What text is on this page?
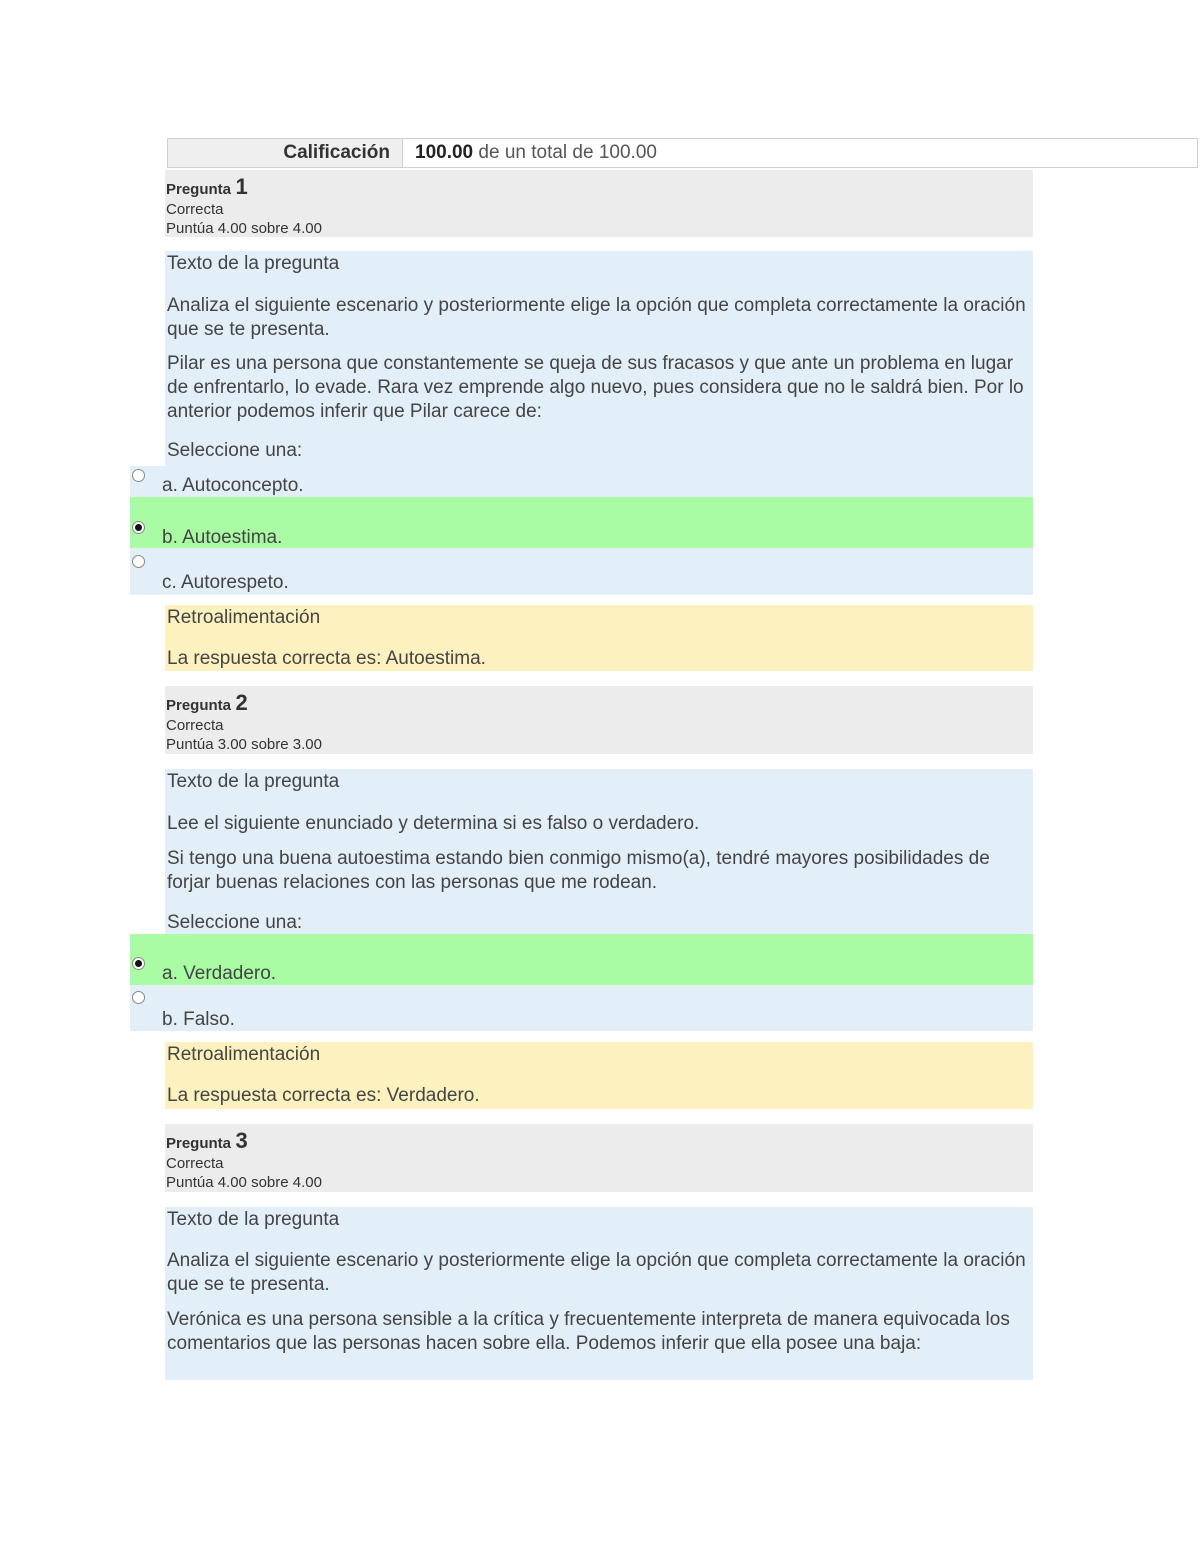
Calificación	100.00 de un total de 100.00
Pregunta 1
Correcta
Puntúa 4.00 sobre 4.00

Texto de la pregunta

Analiza el siguiente escenario y posteriormente elige la opción que completa correctamente la oración que se te presenta.

Pilar es una persona que constantemente se queja de sus fracasos y que ante un problema en lugar de enfrentarlo, lo evade. Rara vez emprende algo nuevo, pues considera que no le saldrá bien. Por lo anterior podemos inferir que Pilar carece de:

Seleccione una:

a. Autoconcepto.
b. Autoestima.
c. Autorespeto.

Retroalimentación

La respuesta correcta es: Autoestima.

Pregunta 2
Correcta
Puntúa 3.00 sobre 3.00

Texto de la pregunta

Lee el siguiente enunciado y determina si es falso o verdadero.

Si tengo una buena autoestima estando bien conmigo mismo(a), tendré mayores posibilidades de forjar buenas relaciones con las personas que me rodean.

Seleccione una:

a. Verdadero.
b. Falso.

Retroalimentación

La respuesta correcta es: Verdadero.

Pregunta 3
Correcta
Puntúa 4.00 sobre 4.00

Texto de la pregunta

Analiza el siguiente escenario y posteriormente elige la opción que completa correctamente la oración que se te presenta.

Verónica es una persona sensible a la crítica y frecuentemente interpreta de manera equivocada los comentarios que las personas hacen sobre ella. Podemos inferir que ella posee una baja:
